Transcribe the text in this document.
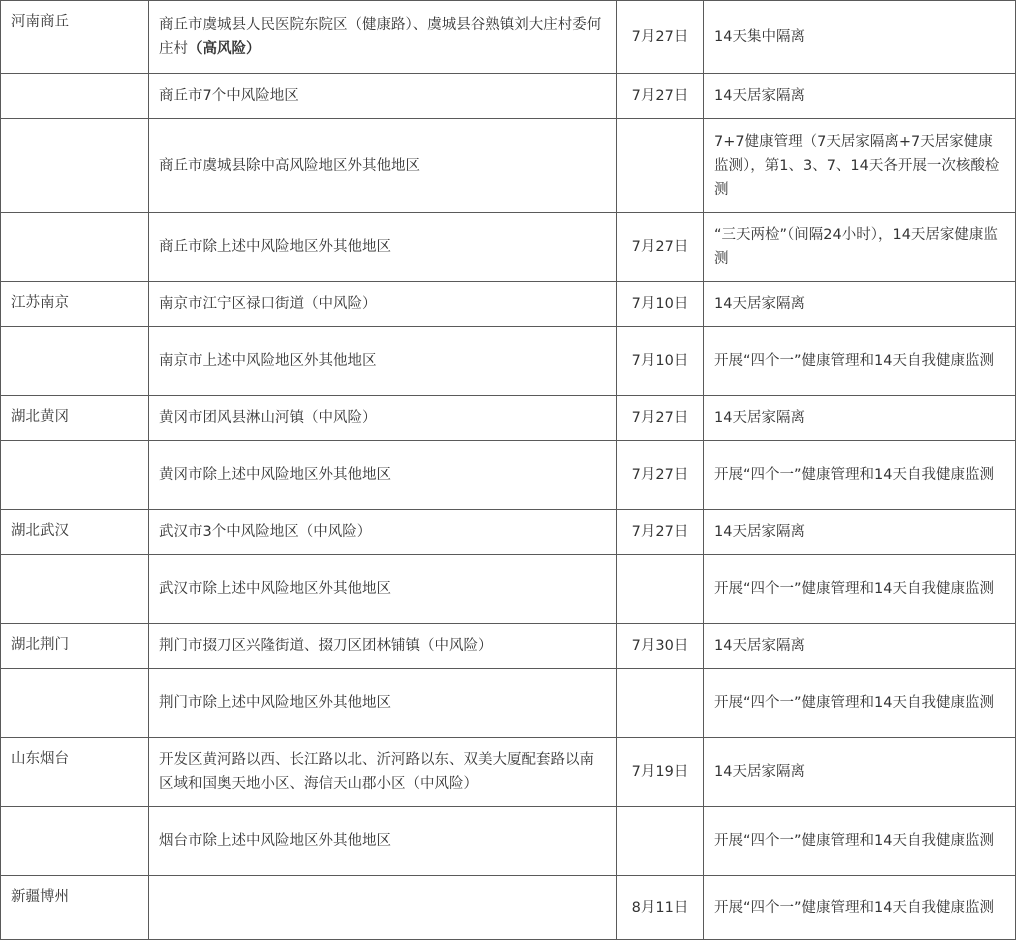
河南商丘	商丘市虞城县人民医院东院区（健康路）、虞城县谷熟镇刘大庄村委何庄村（高风险）	7月27日	14天集中隔离
	商丘市7个中风险地区	7月27日	14天居家隔离
	商丘市虞城县除中高风险地区外其他地区		7+7健康管理（7天居家隔离+7天居家健康监测），第1、3、7、14天各开展一次核酸检测
	商丘市除上述中风险地区外其他地区	7月27日	“三天两检”（间隔24小时），14天居家健康监测
江苏南京	南京市江宁区禄口街道（中风险）	7月10日	14天居家隔离
	南京市上述中风险地区外其他地区	7月10日	开展“四个一”健康管理和14天自我健康监测
湖北黄冈	黄冈市团风县淋山河镇（中风险）	7月27日	14天居家隔离
	黄冈市除上述中风险地区外其他地区	7月27日	开展“四个一”健康管理和14天自我健康监测
湖北武汉	武汉市3个中风险地区（中风险）	7月27日	14天居家隔离
	武汉市除上述中风险地区外其他地区		开展“四个一”健康管理和14天自我健康监测
湖北荆门	荆门市掇刀区兴隆街道、掇刀区团林铺镇（中风险）	7月30日	14天居家隔离
	荆门市除上述中风险地区外其他地区		开展“四个一”健康管理和14天自我健康监测
山东烟台	开发区黄河路以西、长江路以北、沂河路以东、双美大厦配套路以南区域和国奥天地小区、海信天山郡小区（中风险）	7月19日	14天居家隔离
	烟台市除上述中风险地区外其他地区		开展“四个一”健康管理和14天自我健康监测
新疆博州		8月11日	开展“四个一”健康管理和14天自我健康监测
